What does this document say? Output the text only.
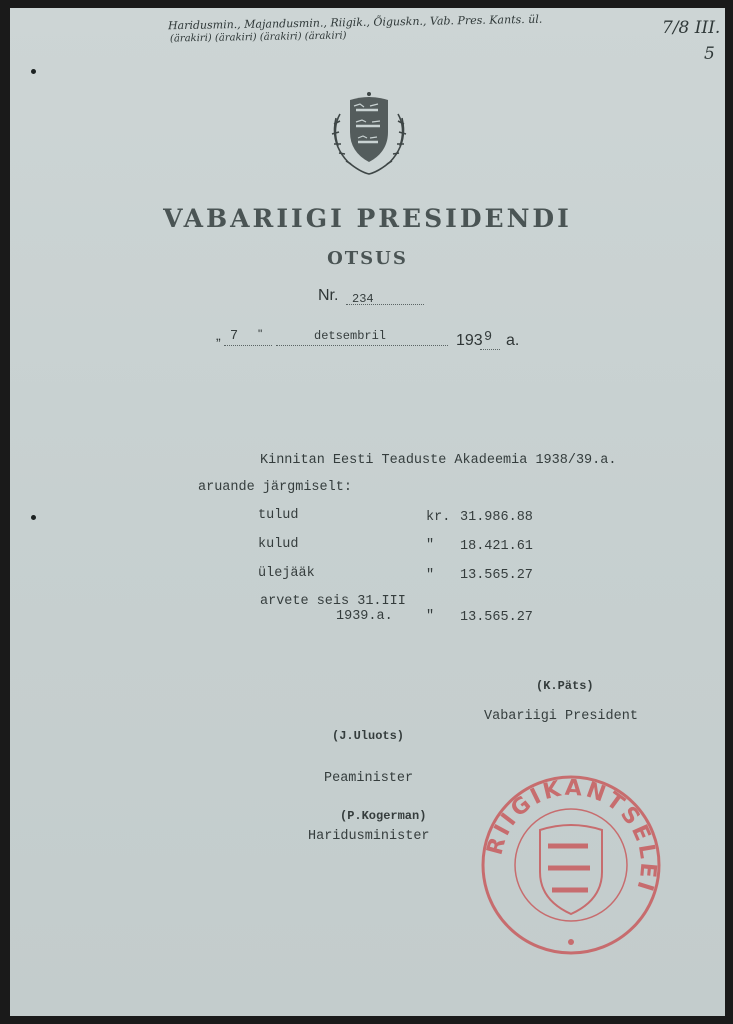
Haridusmin., Majandusmin., Riigik., Õiguskn., Vab. Pres. Kants. ül.
(ärakiri) (ärakiri) (ärakiri) (ärakiri)	7/8 III.
5
VABARIIGI PRESIDENDI
OTSUS
Nr. 234
„ 7 "	detsembril	193 9 a.
Kinnitan Eesti Teaduste Akadeemia 1938/39.a.
aruande järgmiselt:
tulud	kr. 31.986.88
kulud	" 18.421.61
ülejääk	" 13.565.27
arvete seis 31.III
1939.a. " 13.565.27
(K.Päts)
Vabariigi President
(J.Uluots)
Peaminister
(P.Kogerman)
Haridusminister RIIGIKANTSELEI
